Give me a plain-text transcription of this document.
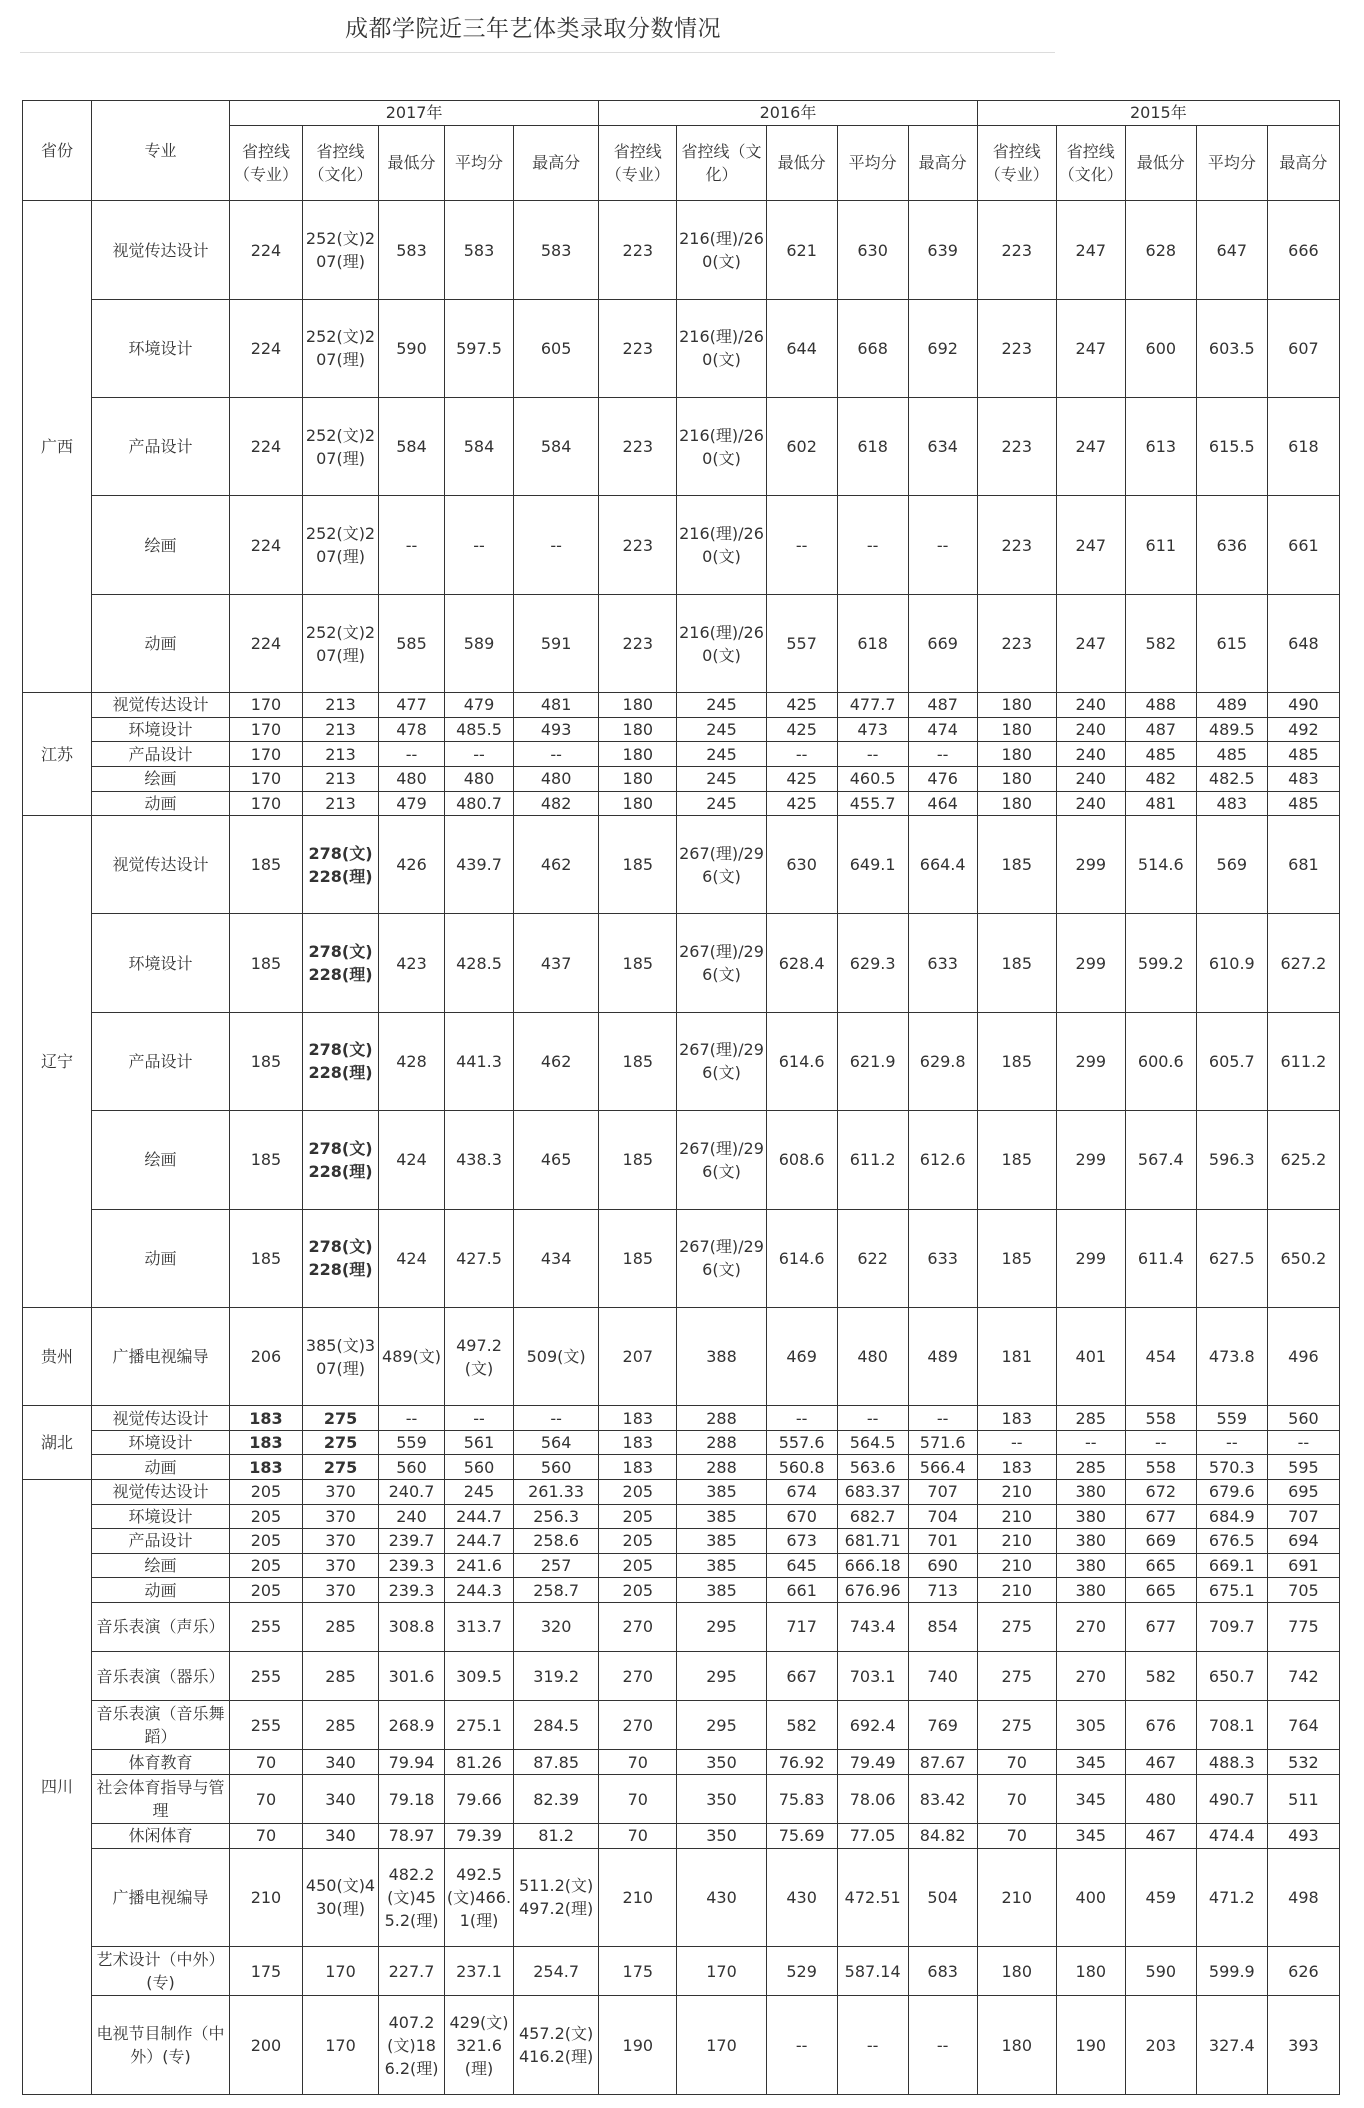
成都学院近三年艺体类录取分数情况
省份	专业	2017年					2016年					2015年				
		省控线（专业）	省控线（文化）	最低分	平均分	最高分	省控线（专业）	省控线（文化）	最低分	平均分	最高分	省控线（专业）	省控线（文化）	最低分	平均分	最高分
广西	视觉传达设计	224	252(文)207(理)	583	583	583	223	216(理)/260(文)	621	630	639	223	247	628	647	666
	环境设计	224	252(文)207(理)	590	597.5	605	223	216(理)/260(文)	644	668	692	223	247	600	603.5	607
	产品设计	224	252(文)207(理)	584	584	584	223	216(理)/260(文)	602	618	634	223	247	613	615.5	618
	绘画	224	252(文)207(理)	--	--	--	223	216(理)/260(文)	--	--	--	223	247	611	636	661
	动画	224	252(文)207(理)	585	589	591	223	216(理)/260(文)	557	618	669	223	247	582	615	648
江苏	视觉传达设计	170	213	477	479	481	180	245	425	477.7	487	180	240	488	489	490
	环境设计	170	213	478	485.5	493	180	245	425	473	474	180	240	487	489.5	492
	产品设计	170	213	--	--	--	180	245	--	--	--	180	240	485	485	485
	绘画	170	213	480	480	480	180	245	425	460.5	476	180	240	482	482.5	483
	动画	170	213	479	480.7	482	180	245	425	455.7	464	180	240	481	483	485
辽宁	视觉传达设计	185	278(文)228(理)	426	439.7	462	185	267(理)/296(文)	630	649.1	664.4	185	299	514.6	569	681
	环境设计	185	278(文)228(理)	423	428.5	437	185	267(理)/296(文)	628.4	629.3	633	185	299	599.2	610.9	627.2
	产品设计	185	278(文)228(理)	428	441.3	462	185	267(理)/296(文)	614.6	621.9	629.8	185	299	600.6	605.7	611.2
	绘画	185	278(文)228(理)	424	438.3	465	185	267(理)/296(文)	608.6	611.2	612.6	185	299	567.4	596.3	625.2
	动画	185	278(文)228(理)	424	427.5	434	185	267(理)/296(文)	614.6	622	633	185	299	611.4	627.5	650.2
贵州	广播电视编导	206	385(文)307(理)	489(文)	497.2(文)	509(文)	207	388	469	480	489	181	401	454	473.8	496
湖北	视觉传达设计	183	275	--	--	--	183	288	--	--	--	183	285	558	559	560
	环境设计	183	275	559	561	564	183	288	557.6	564.5	571.6	--	--	--	--	--
	动画	183	275	560	560	560	183	288	560.8	563.6	566.4	183	285	558	570.3	595
四川	视觉传达设计	205	370	240.7	245	261.33	205	385	674	683.37	707	210	380	672	679.6	695
	环境设计	205	370	240	244.7	256.3	205	385	670	682.7	704	210	380	677	684.9	707
	产品设计	205	370	239.7	244.7	258.6	205	385	673	681.71	701	210	380	669	676.5	694
	绘画	205	370	239.3	241.6	257	205	385	645	666.18	690	210	380	665	669.1	691
	动画	205	370	239.3	244.3	258.7	205	385	661	676.96	713	210	380	665	675.1	705
	音乐表演（声乐）	255	285	308.8	313.7	320	270	295	717	743.4	854	275	270	677	709.7	775
	音乐表演（器乐）	255	285	301.6	309.5	319.2	270	295	667	703.1	740	275	270	582	650.7	742
	音乐表演（音乐舞蹈）	255	285	268.9	275.1	284.5	270	295	582	692.4	769	275	305	676	708.1	764
	体育教育	70	340	79.94	81.26	87.85	70	350	76.92	79.49	87.67	70	345	467	488.3	532
	社会体育指导与管理	70	340	79.18	79.66	82.39	70	350	75.83	78.06	83.42	70	345	480	490.7	511
	休闲体育	70	340	78.97	79.39	81.2	70	350	75.69	77.05	84.82	70	345	467	474.4	493
	广播电视编导	210	450(文)430(理)	482.2(文)455.2(理)	492.5(文)466.1(理)	511.2(文)497.2(理)	210	430	430	472.51	504	210	400	459	471.2	498
	艺术设计（中外）(专)	175	170	227.7	237.1	254.7	175	170	529	587.14	683	180	180	590	599.9	626
	电视节目制作（中外）(专)	200	170	407.2(文)186.2(理)	429(文)321.6(理)	457.2(文)416.2(理)	190	170	--	--	--	180	190	203	327.4	393
